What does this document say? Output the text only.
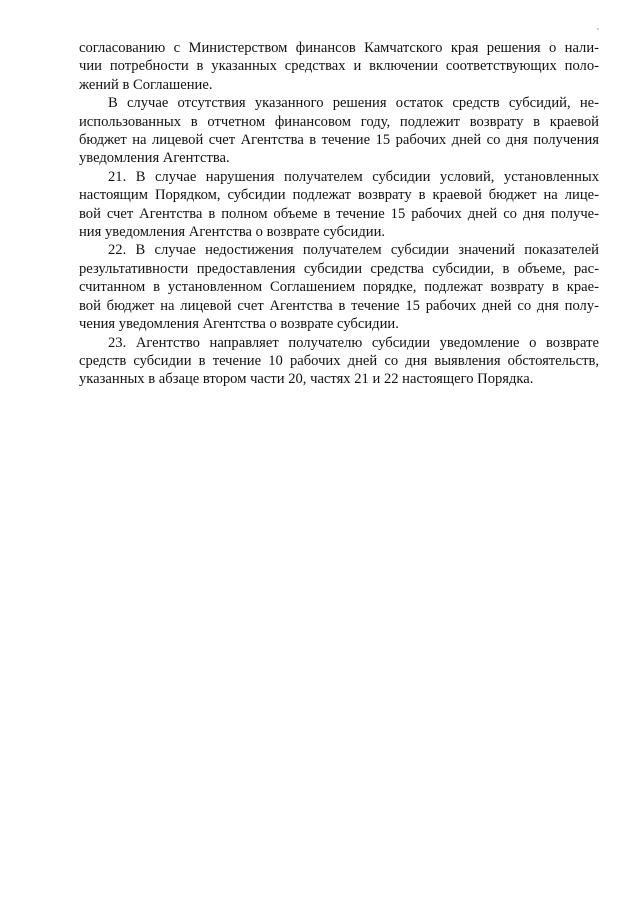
согласованию с Министерством финансов Камчатского края решения о нали-
чии потребности в указанных средствах и включении соответствующих поло-
жений в Соглашение.

В случае отсутствия указанного решения остаток средств субсидий, не-
использованных в отчетном финансовом году, подлежит возврату в краевой
бюджет на лицевой счет Агентства в течение 15 рабочих дней со дня получения
уведомления Агентства.

21. В случае нарушения получателем субсидии условий, установленных
настоящим Порядком, субсидии подлежат возврату в краевой бюджет на лице-
вой счет Агентства в полном объеме в течение 15 рабочих дней со дня получе-
ния уведомления Агентства о возврате субсидии.

22. В случае недостижения получателем субсидии значений показателей
результативности предоставления субсидии средства субсидии, в объеме, рас-
считанном в установленном Соглашением порядке, подлежат возврату в крае-
вой бюджет на лицевой счет Агентства в течение 15 рабочих дней со дня полу-
чения уведомления Агентства о возврате субсидии.

23. Агентство направляет получателю субсидии уведомление о возврате
средств субсидии в течение 10 рабочих дней со дня выявления обстоятельств,
указанных в абзаце втором части 20, частях 21 и 22 настоящего Порядка.
